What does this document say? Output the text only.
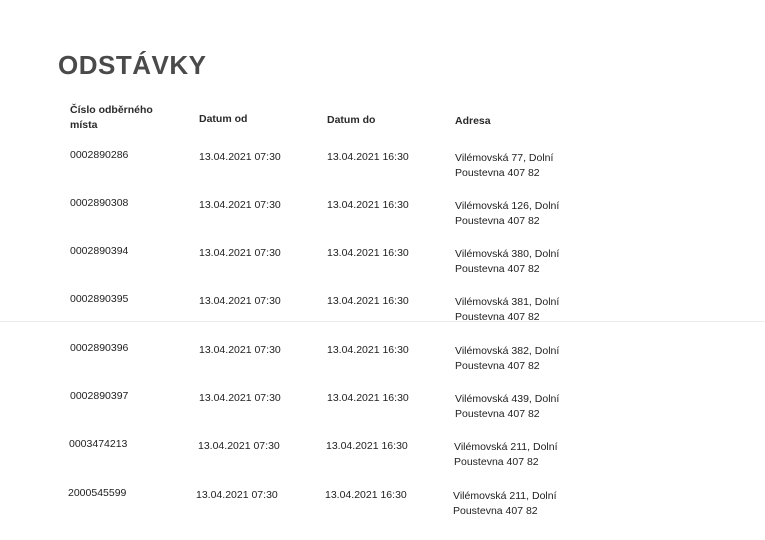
ODSTÁVKY
Číslo odběrného místa	Datum od	Datum do	Adresa
0002890286	13.04.2021 07:30	13.04.2021 16:30	Vilémovská 77, Dolní Poustevna 407 82
0002890308	13.04.2021 07:30	13.04.2021 16:30	Vilémovská 126, Dolní Poustevna 407 82
0002890394	13.04.2021 07:30	13.04.2021 16:30	Vilémovská 380, Dolní Poustevna 407 82
0002890395	13.04.2021 07:30	13.04.2021 16:30	Vilémovská 381, Dolní Poustevna 407 82
0002890396	13.04.2021 07:30	13.04.2021 16:30	Vilémovská 382, Dolní Poustevna 407 82
0002890397	13.04.2021 07:30	13.04.2021 16:30	Vilémovská 439, Dolní Poustevna 407 82
0003474213	13.04.2021 07:30	13.04.2021 16:30	Vilémovská 211, Dolní Poustevna 407 82
2000545599	13.04.2021 07:30	13.04.2021 16:30	Vilémovská 211, Dolní Poustevna 407 82
